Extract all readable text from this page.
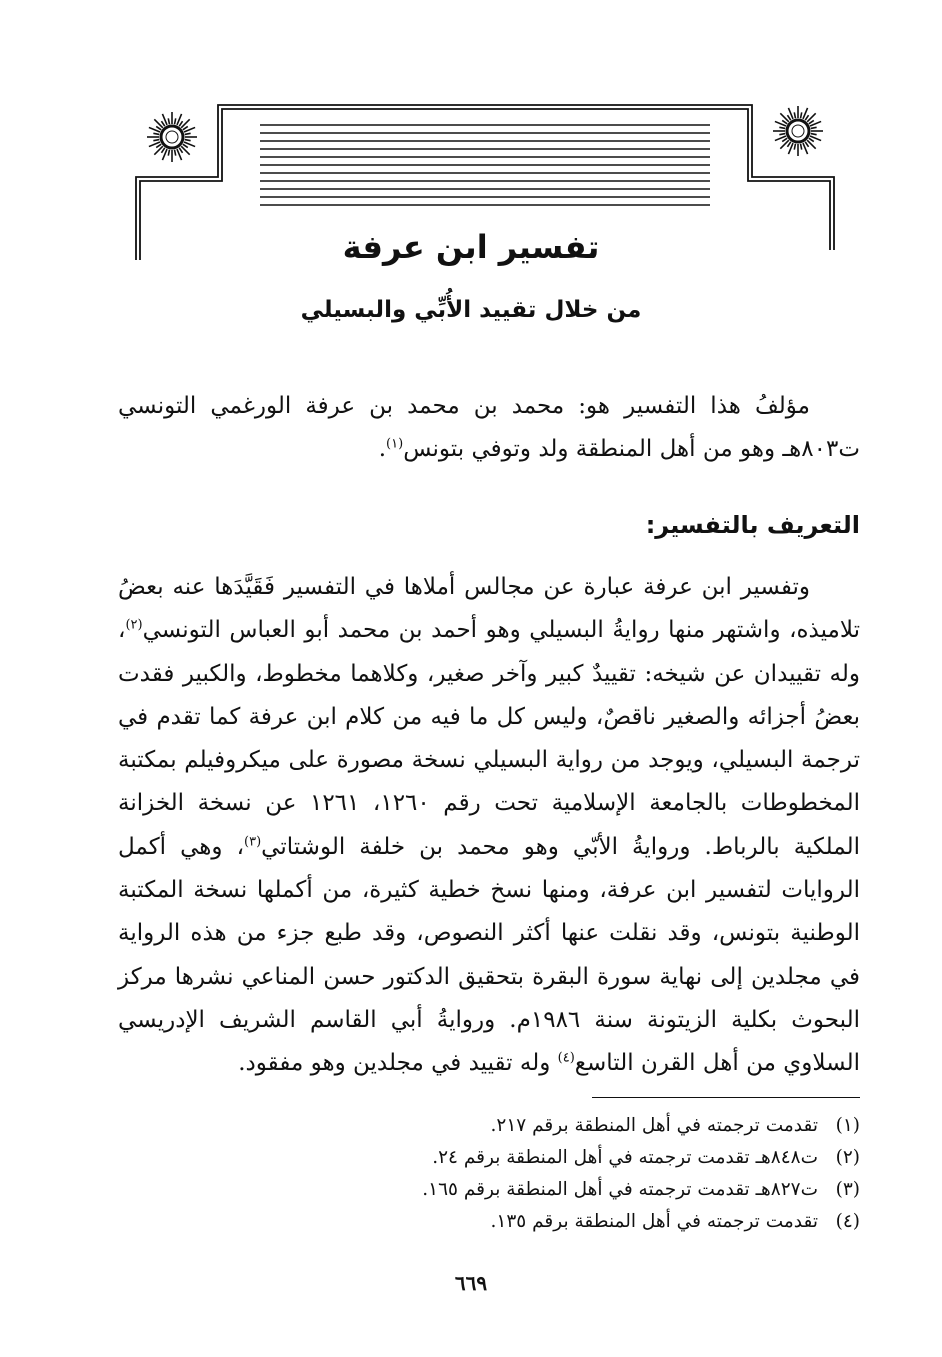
تفسير ابن عرفة
من خلال تقييد الأُبِّي والبسيلي

مؤلفُ هذا التفسير هو: محمد بن محمد بن عرفة الورغمي التونسي ت٨٠٣هـ وهو من أهل المنطقة ولد وتوفي بتونس$^{(١)}$.

التعريف بالتفسير:

وتفسير ابن عرفة عبارة عن مجالس أملاها في التفسير فَقَيَّدَها عنه بعضُ تلاميذه، واشتهر منها روايةُ البسيلي وهو أحمد بن محمد أبو العباس التونسي$^{(٢)}$، وله تقييدان عن شيخه: تقييدٌ كبير وآخر صغير، وكلاهما مخطوط، والكبير فقدت بعضُ أجزائه والصغير ناقصٌ، وليس كل ما فيه من كلام ابن عرفة كما تقدم في ترجمة البسيلي، ويوجد من رواية البسيلي نسخة مصورة على ميكروفيلم بمكتبة المخطوطات بالجامعة الإسلامية تحت رقم ١٢٦٠، ١٢٦١ عن نسخة الخزانة الملكية بالرباط. وروايةُ الأبّي وهو محمد بن خلفة الوشتاتي$^{(٣)}$، وهي أكمل الروايات لتفسير ابن عرفة، ومنها نسخ خطية كثيرة، من أكملها نسخة المكتبة الوطنية بتونس، وقد نقلت عنها أكثر النصوص، وقد طبع جزء من هذه الرواية في مجلدين إلى نهاية سورة البقرة بتحقيق الدكتور حسن المناعي نشرها مركز البحوث بكلية الزيتونة سنة ١٩٨٦م. وروايةُ أبي القاسم الشريف الإدريسي السلاوي من أهل القرن التاسع$^{(٤)}$ وله تقييد في مجلدين وهو مفقود.

(١)تقدمت ترجمته في أهل المنطقة برقم ٢١٧.
(٢)ت٨٤٨هـ تقدمت ترجمته في أهل المنطقة برقم ٢٤.
(٣)ت٨٢٧هـ تقدمت ترجمته في أهل المنطقة برقم ١٦٥.
(٤)تقدمت ترجمته في أهل المنطقة برقم ١٣٥.
٦٦٩
